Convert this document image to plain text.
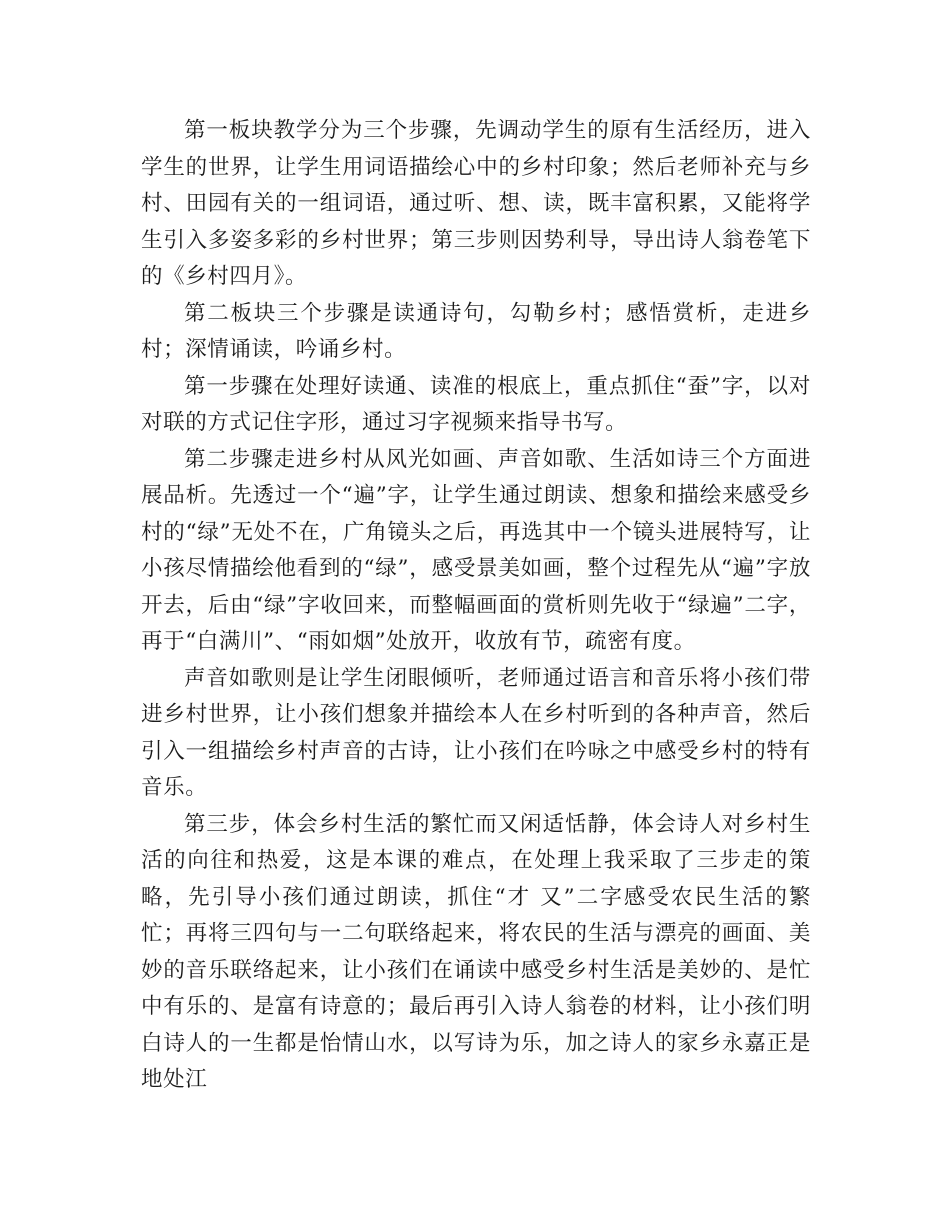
第一板块教学分为三个步骤，先调动学生的原有生活经历，进入学生的世界，让学生用词语描绘心中的乡村印象；然后老师补充与乡村、田园有关的一组词语，通过听、想、读，既丰富积累，又能将学生引入多姿多彩的乡村世界；第三步则因势利导，导出诗人翁卷笔下的《乡村四月》。

第二板块三个步骤是读通诗句，勾勒乡村；感悟赏析，走进乡村；深情诵读，吟诵乡村。

第一步骤在处理好读通、读准的根底上，重点抓住“蚕”字，以对对联的方式记住字形，通过习字视频来指导书写。

第二步骤走进乡村从风光如画、声音如歌、生活如诗三个方面进展品析。先透过一个“遍”字，让学生通过朗读、想象和描绘来感受乡村的“绿”无处不在，广角镜头之后，再选其中一个镜头进展特写，让小孩尽情描绘他看到的“绿”，感受景美如画，整个过程先从“遍”字放开去，后由“绿”字收回来，而整幅画面的赏析则先收于“绿遍”二字，再于“白满川”、“雨如烟”处放开，收放有节，疏密有度。

声音如歌则是让学生闭眼倾听，老师通过语言和音乐将小孩们带进乡村世界，让小孩们想象并描绘本人在乡村听到的各种声音，然后引入一组描绘乡村声音的古诗，让小孩们在吟咏之中感受乡村的特有音乐。

第三步，体会乡村生活的繁忙而又闲适恬静，体会诗人对乡村生活的向往和热爱，这是本课的难点，在处理上我采取了三步走的策略，先引导小孩们通过朗读，抓住“才 又”二字感受农民生活的繁忙；再将三四句与一二句联络起来，将农民的生活与漂亮的画面、美妙的音乐联络起来，让小孩们在诵读中感受乡村生活是美妙的、是忙中有乐的、是富有诗意的；最后再引入诗人翁卷的材料，让小孩们明白诗人的一生都是怡情山水，以写诗为乐，加之诗人的家乡永嘉正是地处江
